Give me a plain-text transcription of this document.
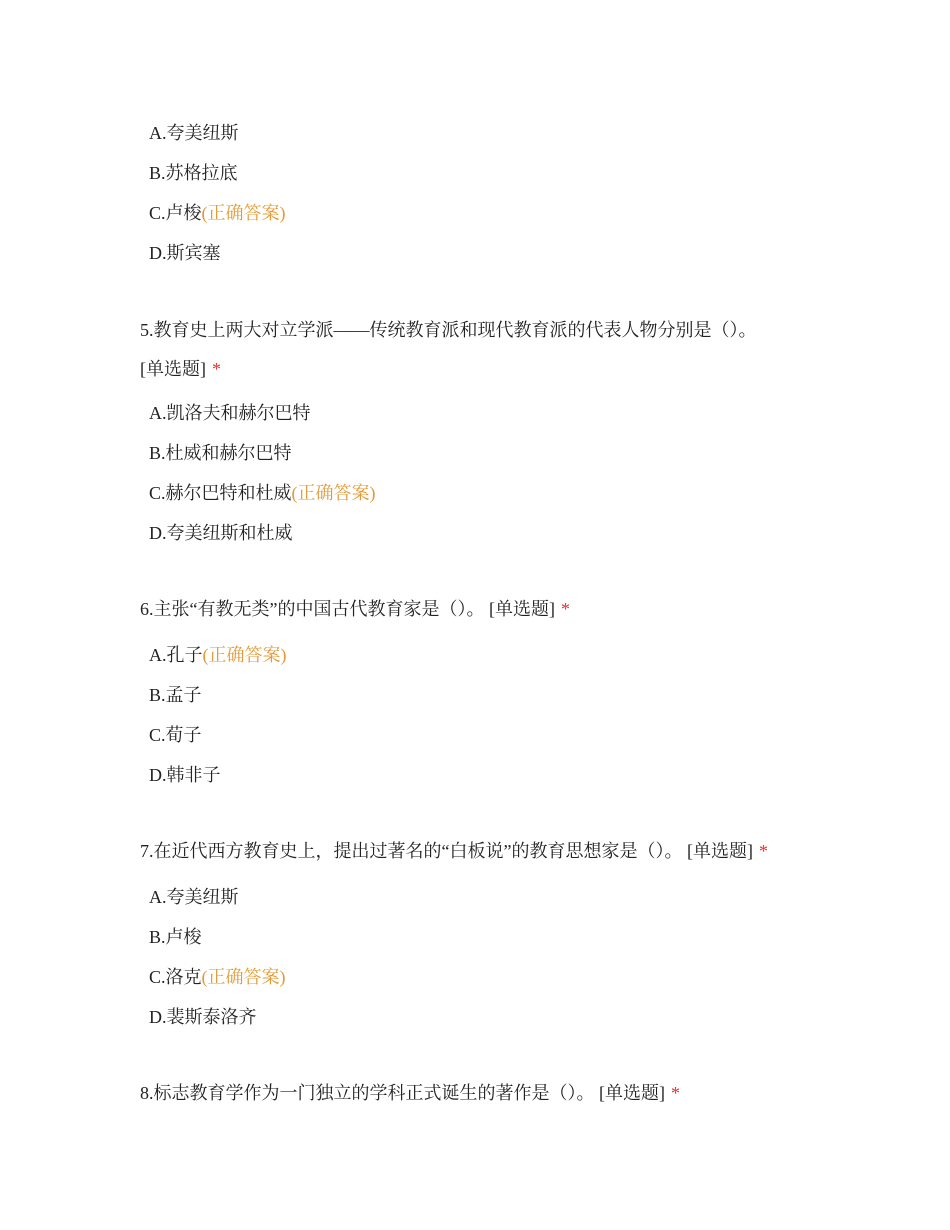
A.夸美纽斯
B.苏格拉底
C.卢梭(正确答案)
D.斯宾塞
5.教育史上两大对立学派——传统教育派和现代教育派的代表人物分别是（）。
[单选题] *
A.凯洛夫和赫尔巴特
B.杜威和赫尔巴特
C.赫尔巴特和杜威(正确答案)
D.夸美纽斯和杜威
6.主张“有教无类”的中国古代教育家是（）。 [单选题] *
A.孔子(正确答案)
B.孟子
C.荀子
D.韩非子
7.在近代西方教育史上，提出过著名的“白板说”的教育思想家是（）。 [单选题] *
A.夸美纽斯
B.卢梭
C.洛克(正确答案)
D.裴斯泰洛齐
8.标志教育学作为一门独立的学科正式诞生的著作是（）。 [单选题] *
